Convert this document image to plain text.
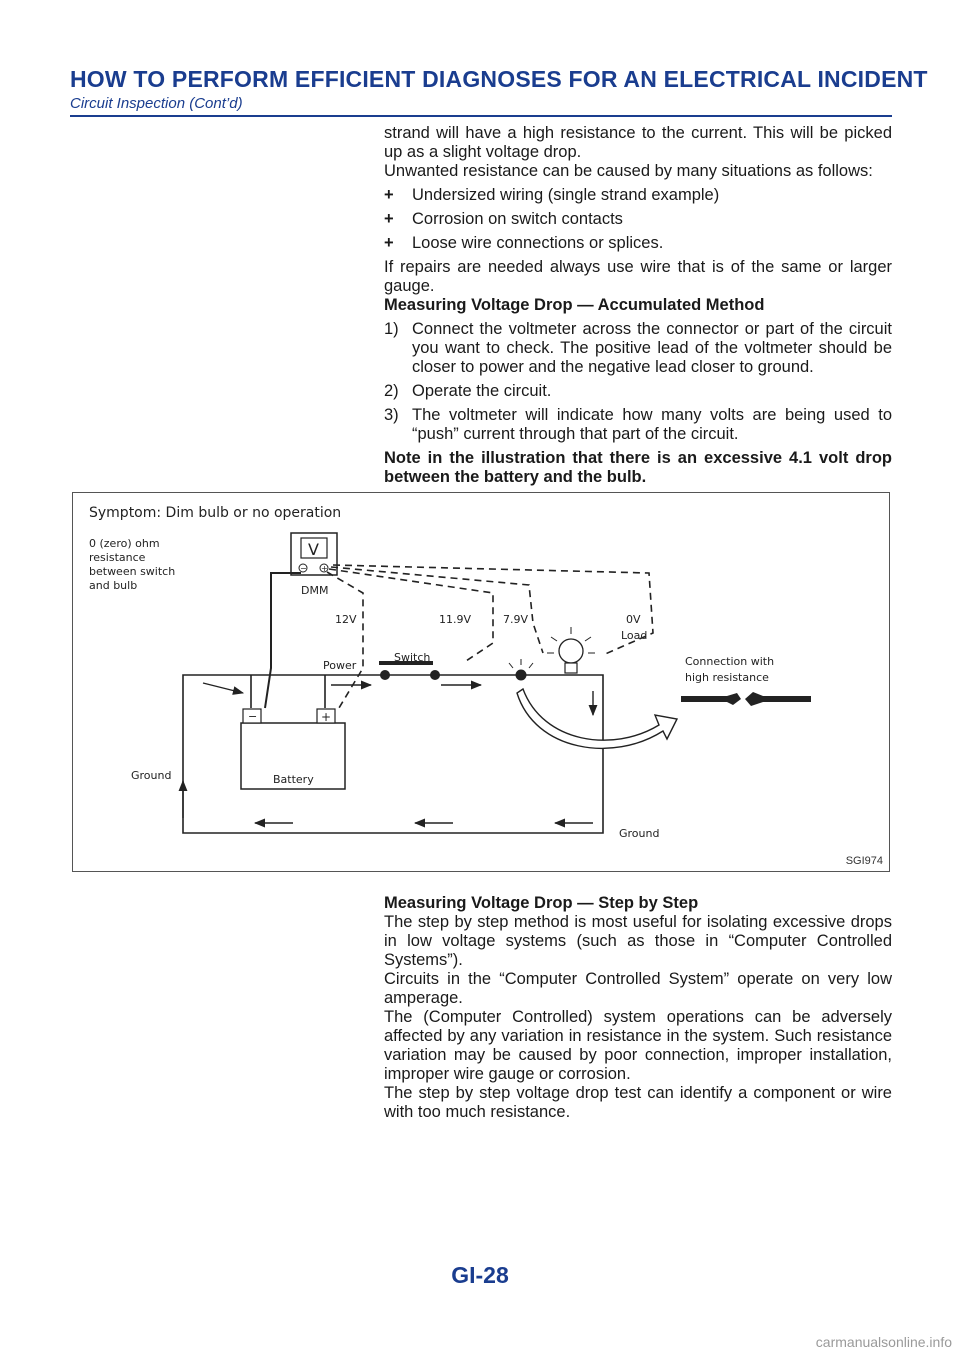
HOW TO PERFORM EFFICIENT DIAGNOSES FOR AN ELECTRICAL INCIDENT
Circuit Inspection (Cont’d)

strand will have a high resistance to the current. This will be picked up as a slight voltage drop.

Unwanted resistance can be caused by many situations as follows:

+ Undersized wiring (single strand example)
+ Corrosion on switch contacts
+ Loose wire connections or splices.

If repairs are needed always use wire that is of the same or larger gauge.

Measuring Voltage Drop — Accumulated Method

1) Connect the voltmeter across the connector or part of the circuit you want to check. The positive lead of the voltmeter should be closer to power and the negative lead closer to ground.
2) Operate the circuit.
3) The voltmeter will indicate how many volts are being used to “push” current through that part of the circuit.

Note in the illustration that there is an excessive 4.1 volt drop between the battery and the bulb.

Symptom: Dim bulb or no operation
0 (zero) ohm
resistance
between switch
and bulb
V
− +
DMM
12V	11.9V	7.9V	0V
Load
Power
Switch
−	+
Battery
Ground
Ground
Connection with
high resistance
SGI974

Measuring Voltage Drop — Step by Step

The step by step method is most useful for isolating excessive drops in low voltage systems (such as those in “Computer Controlled Systems”).

Circuits in the “Computer Controlled System” operate on very low amperage.

The (Computer Controlled) system operations can be adversely affected by any variation in resistance in the system. Such resistance variation may be caused by poor connection, improper installation, improper wire gauge or corrosion.

The step by step voltage drop test can identify a component or wire with too much resistance.

GI-28
carmanualsonline.info
